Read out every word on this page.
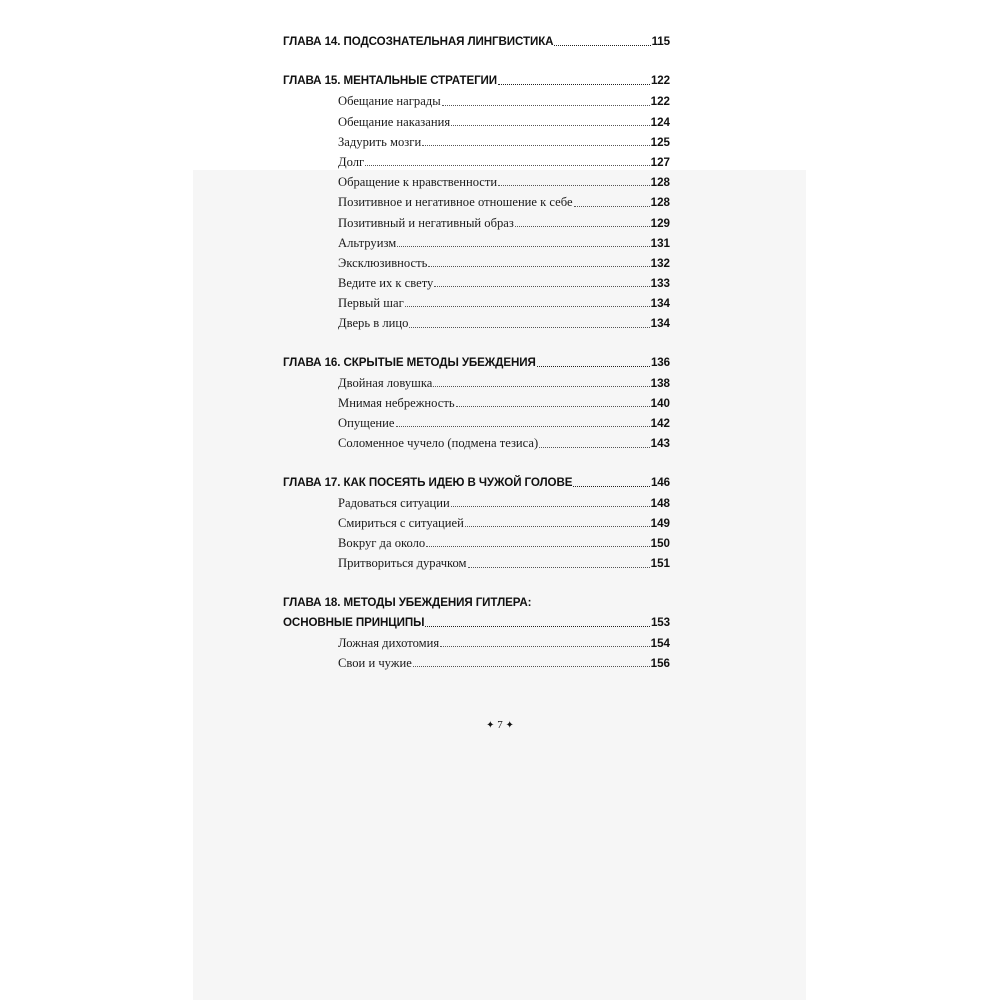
ГЛАВА 14. ПОДСОЗНАТЕЛЬНАЯ ЛИНГВИСТИКА	115
ГЛАВА 15. МЕНТАЛЬНЫЕ СТРАТЕГИИ	122
Обещание награды	122
Обещание наказания	124
Задурить мозги	125
Долг	127
Обращение к нравственности	128
Позитивное и негативное отношение к себе	128
Позитивный и негативный образ	129
Альтруизм	131
Эксклюзивность	132
Ведите их к свету	133
Первый шаг	134
Дверь в лицо	134
ГЛАВА 16. СКРЫТЫЕ МЕТОДЫ УБЕЖДЕНИЯ	136
Двойная ловушка	138
Мнимая небрежность	140
Опущение	142
Соломенное чучело (подмена тезиса)	143
ГЛАВА 17. КАК ПОСЕЯТЬ ИДЕЮ В ЧУЖОЙ ГОЛОВЕ	146
Радоваться ситуации	148
Смириться с ситуацией	149
Вокруг да около	150
Притвориться дурачком	151
ГЛАВА 18. МЕТОДЫ УБЕЖДЕНИЯ ГИТЛЕРА:
ОСНОВНЫЕ ПРИНЦИПЫ	153
Ложная дихотомия	154
Свои и чужие	156
✦ 7 ✦
